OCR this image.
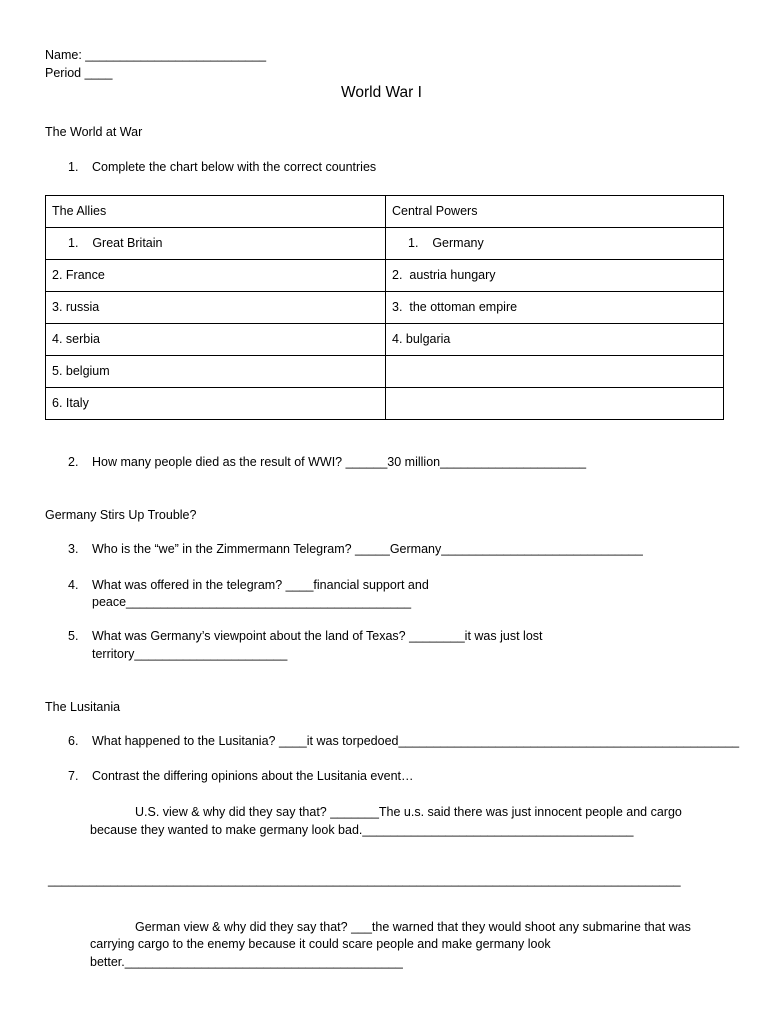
Name: __________________________
Period ____
World War I
The World at War
1. Complete the chart below with the correct countries
The Allies	Central Powers
1.    Great Britain	1.    Germany
2. France	2.  austria hungary
3. russia	3.  the ottoman empire
4. serbia	4. bulgaria
5. belgium	
6. Italy	
2. How many people died as the result of WWI? ______30 million_____________________
Germany Stirs Up Trouble?
3. Who is the “we” in the Zimmermann Telegram? _____Germany_____________________________
4. What was offered in the telegram? ____financial support and
peace_________________________________________
5. What was Germany’s viewpoint about the land of Texas? ________it was just lost
territory______________________
The Lusitania
6. What happened to the Lusitania? ____it was torpedoed_________________________________________________
7. Contrast the differing opinions about the Lusitania event…
U.S. view & why did they say that? _______The u.s. said there was just innocent people and cargo
because they wanted to make germany look bad._______________________________________
___________________________________________________________________________________________
German view & why did they say that? ___the warned that they would shoot any submarine that was
carrying cargo to the enemy because it could scare people and make germany look
better.________________________________________
